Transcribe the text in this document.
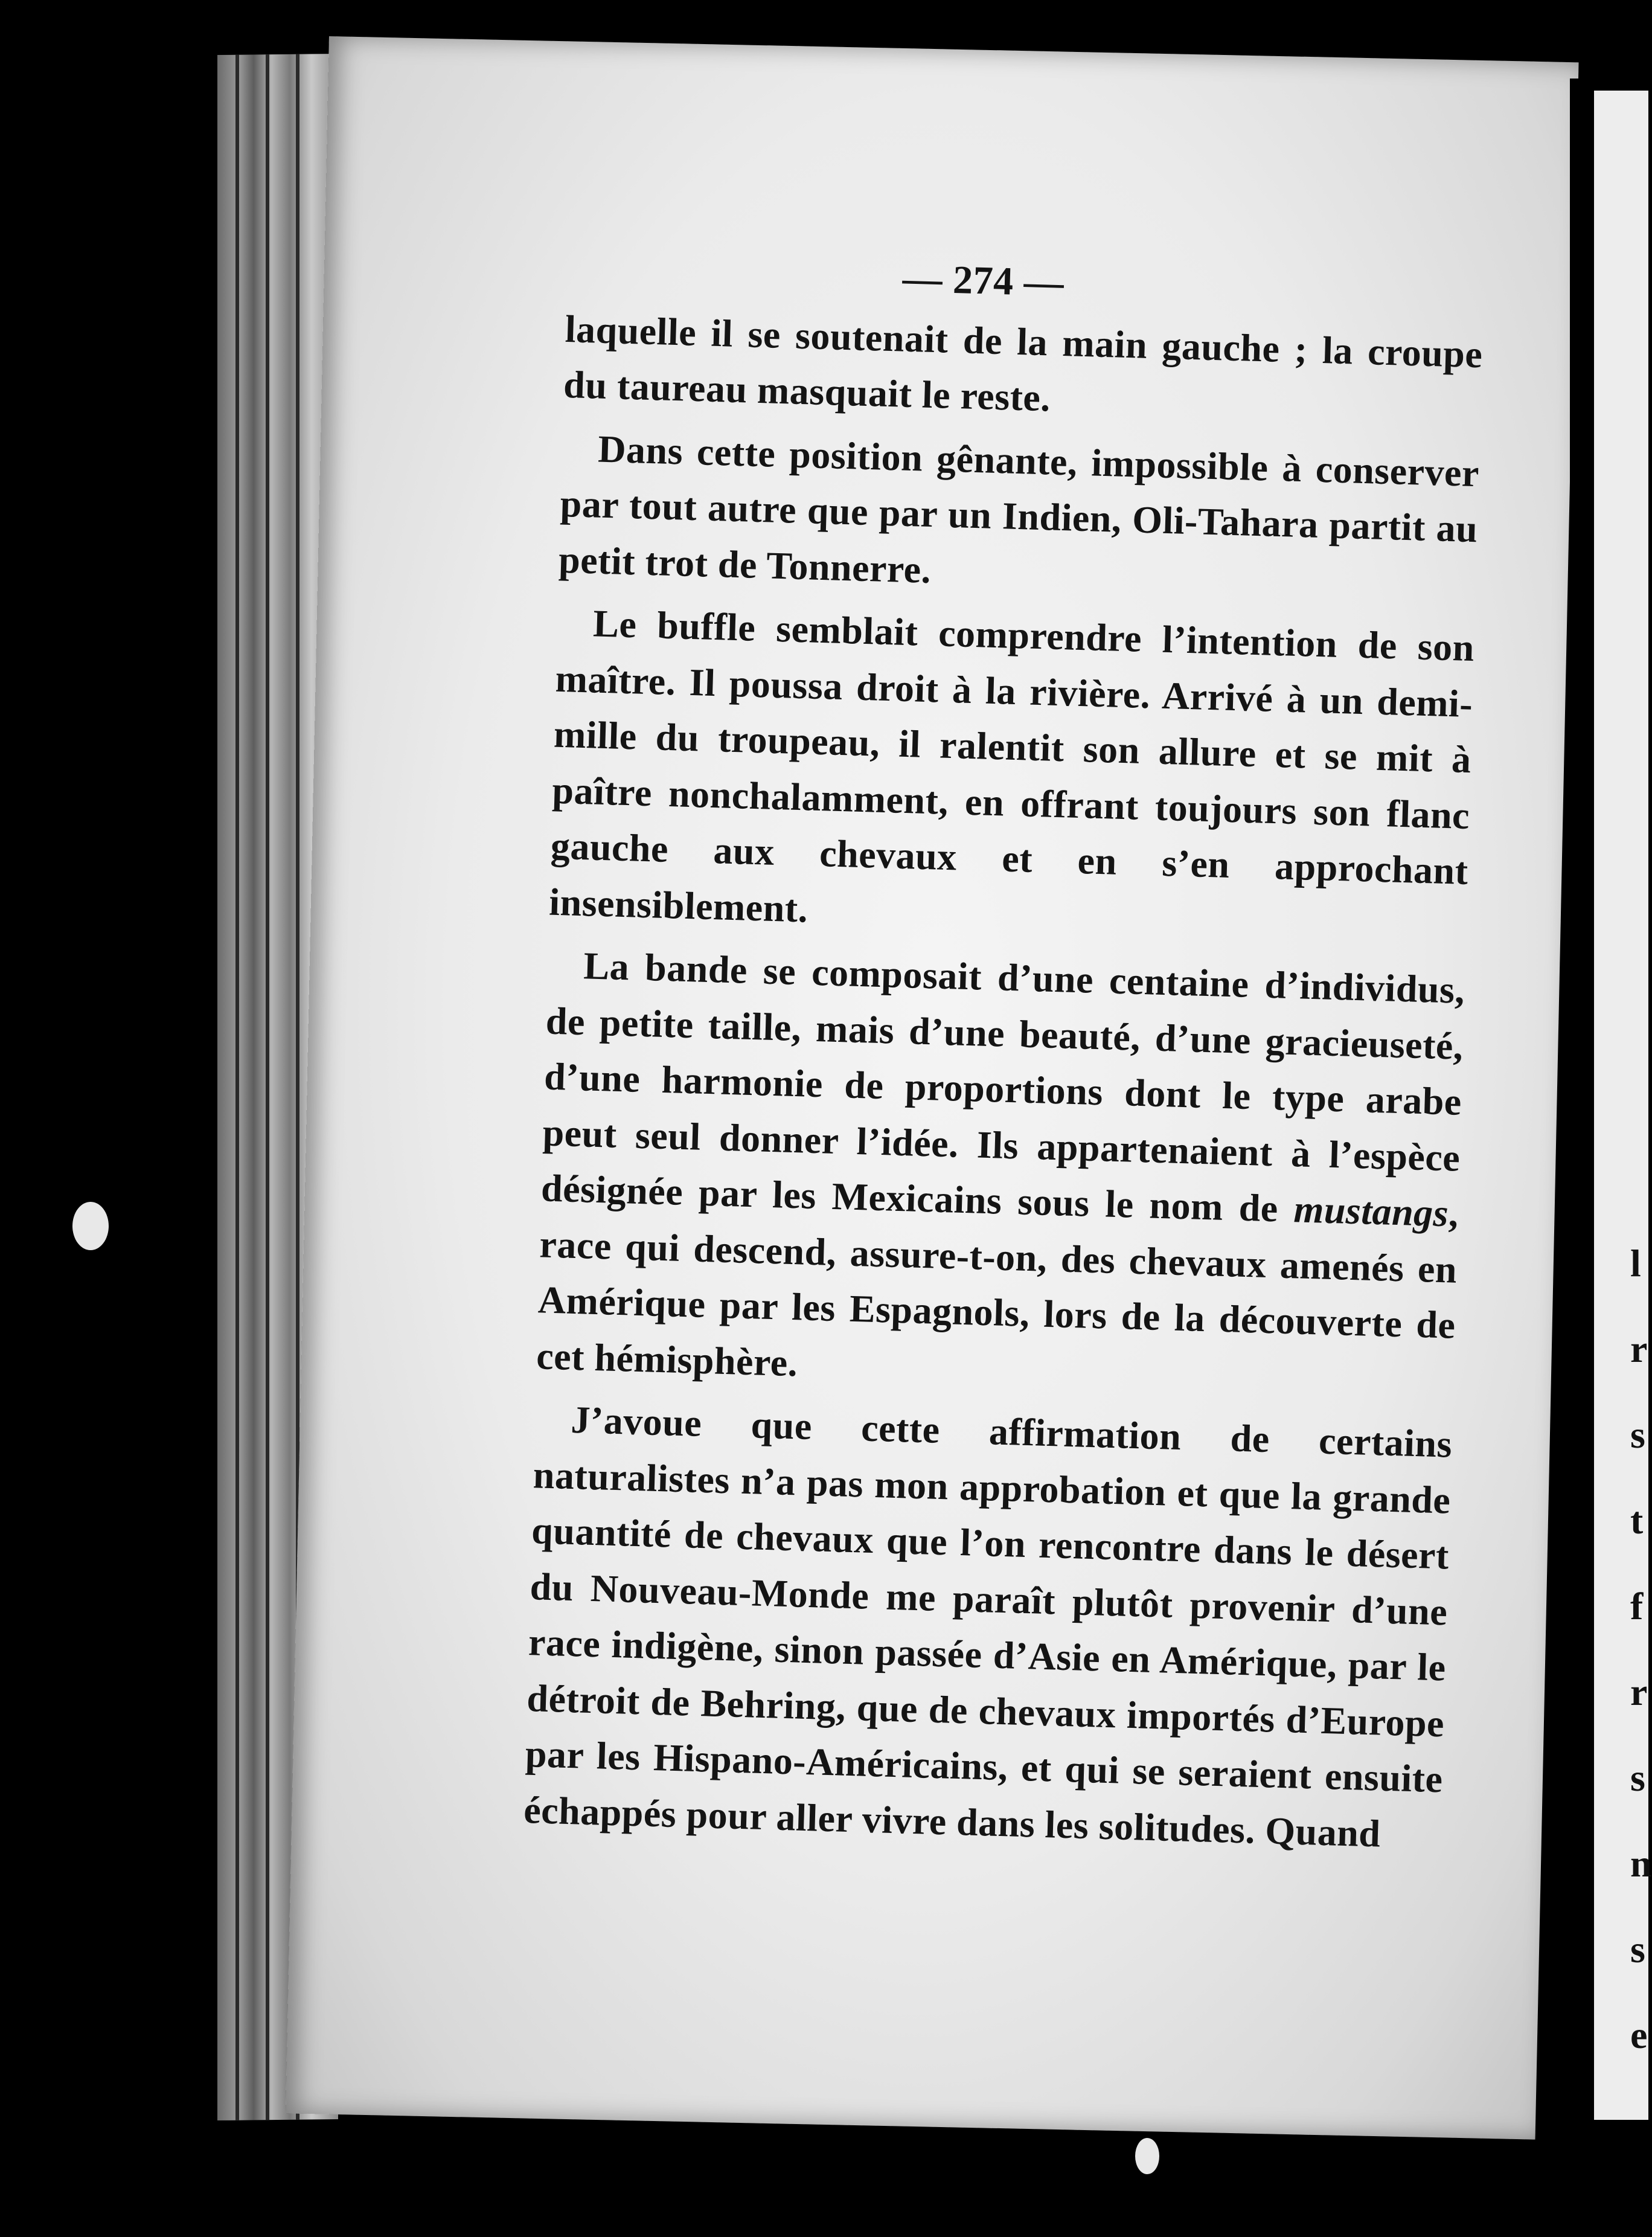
l
r
s
t
f
r
s
n
s
e
— 274 —

laquelle il se soutenait de la main gauche ; la croupe du taureau masquait le reste.

Dans cette position gênante, impossible à conserver par tout autre que par un Indien, Oli-Tahara partit au petit trot de Tonnerre.

Le buffle semblait comprendre l’intention de son maître. Il poussa droit à la rivière. Arrivé à un demi-mille du troupeau, il ralentit son allure et se mit à paître nonchalamment, en offrant toujours son flanc gauche aux chevaux et en s’en approchant insensiblement.

La bande se composait d’une centaine d’individus, de petite taille, mais d’une beauté, d’une gracieuseté, d’une harmonie de proportions dont le type arabe peut seul donner l’idée. Ils appartenaient à l’espèce désignée par les Mexicains sous le nom de mustangs, race qui descend, assure-t-on, des chevaux amenés en Amérique par les Espagnols, lors de la découverte de cet hémisphère.

J’avoue que cette affirmation de certains naturalistes n’a pas mon approbation et que la grande quantité de chevaux que l’on rencontre dans le désert du Nouveau-Monde me paraît plutôt provenir d’une race indigène, sinon passée d’Asie en Amérique, par le détroit de Behring, que de chevaux importés d’Europe par les Hispano-Américains, et qui se seraient ensuite échappés pour aller vivre dans les solitudes. Quand
